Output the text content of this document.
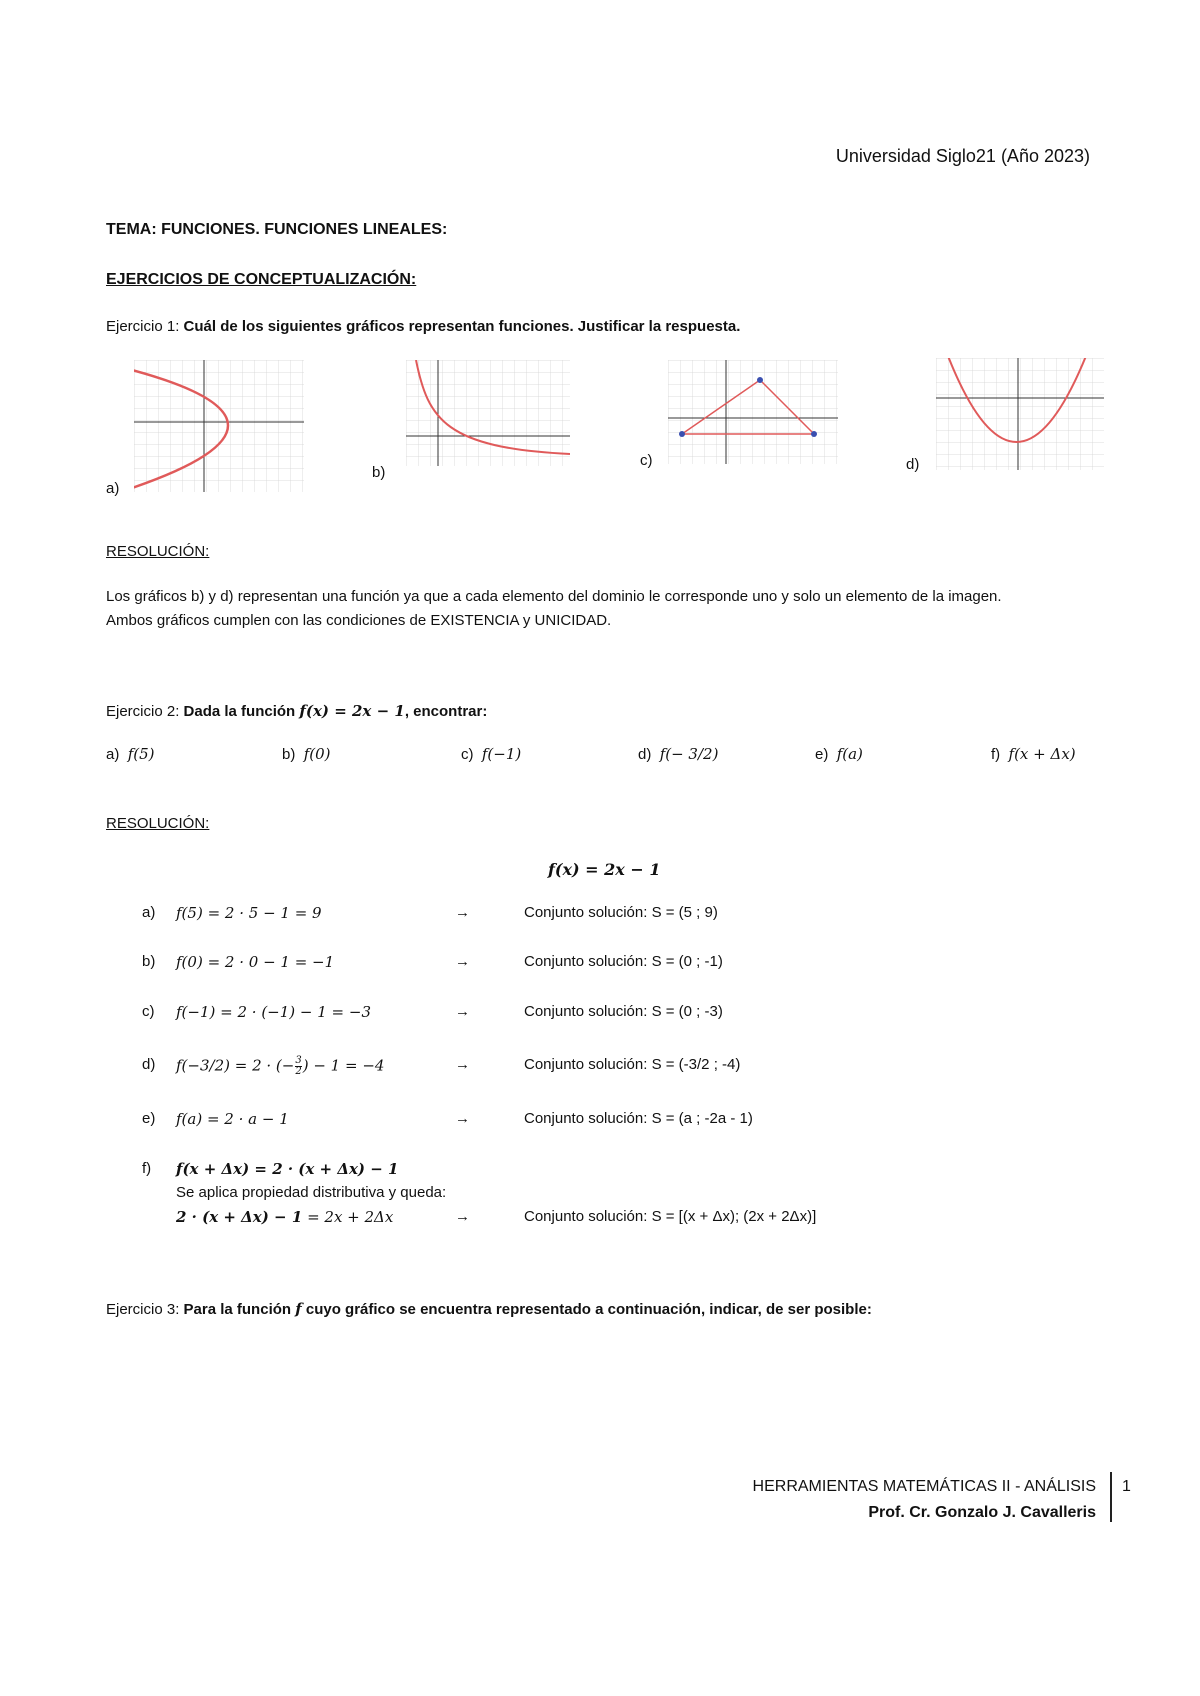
Universidad Siglo21 (Año 2023)
TEMA: FUNCIONES. FUNCIONES LINEALES:
EJERCICIOS DE CONCEPTUALIZACIÓN:
Ejercicio 1: Cuál de los siguientes gráficos representan funciones. Justificar la respuesta.
a)
b)
c)	d)
RESOLUCIÓN:
Los gráficos b) y d) representan una función ya que a cada elemento del dominio le corresponde uno y solo un elemento de la imagen.
Ambos gráficos cumplen con las condiciones de EXISTENCIA y UNICIDAD.
Ejercicio 2: Dada la función f(x) = 2x − 1, encontrar:
a) f(5)	b) f(0)	c) f(−1)	d) f(− 3/2)	e) f(a)	f) f(x + Δx)
RESOLUCIÓN:
f(x) = 2x − 1
a) f(5) = 2 · 5 − 1 = 9	→	Conjunto solución: S = (5 ; 9)
b) f(0) = 2 · 0 − 1 = −1	→	Conjunto solución: S = (0 ; -1)
c) f(−1) = 2 · (−1) − 1 = −3	→	Conjunto solución: S = (0 ; -3)
d) f(−3/2) = 2 · (− $\frac{3}{2}$ ) − 1 = −4	→	Conjunto solución: S = (-3/2 ; -4)
e) f(a) = 2 · a − 1	→	Conjunto solución: S = (a ; -2a - 1)
f) f(x + Δx) = 2 · (x + Δx) − 1
Se aplica propiedad distributiva y queda:
2 · (x + Δx) − 1 = 2x + 2Δx	→	Conjunto solución: S = [(x + Δx); (2x + 2Δx)]
Ejercicio 3: Para la función f cuyo gráfico se encuentra representado a continuación, indicar, de ser posible:
HERRAMIENTAS MATEMÁTICAS II - ANÁLISIS
Prof. Cr. Gonzalo J. Cavalleris
1
